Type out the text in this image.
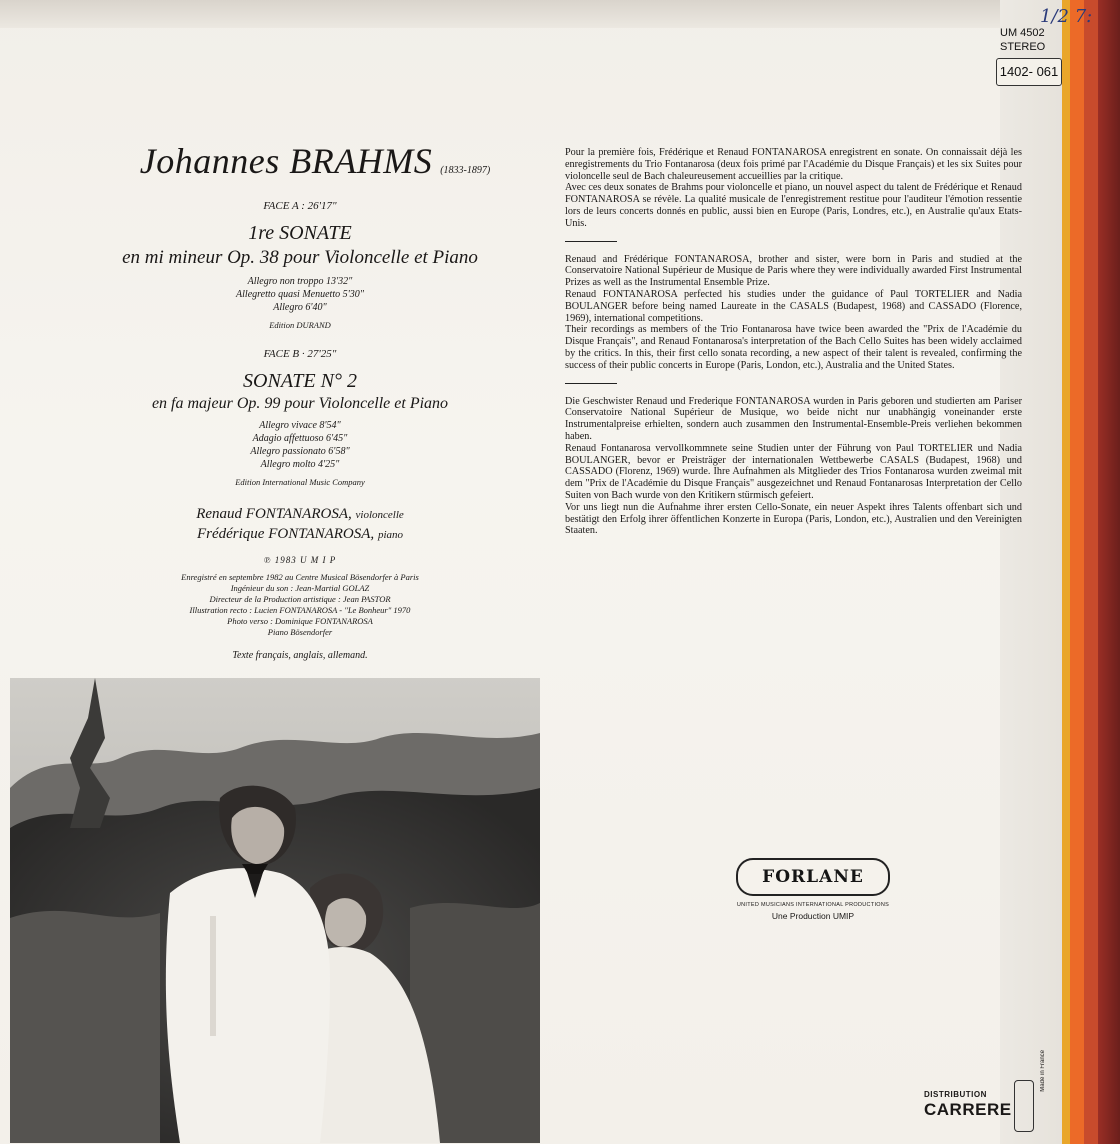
1/2 7:
UM 4502
STEREO
1402- 061
Johannes BRAHMS (1833-1897)
FACE A : 26'17"
1re SONATE
en mi mineur Op. 38 pour Violoncelle et Piano
Allegro non troppo 13'32"
Allegretto quasi Menuetto 5'30"
Allegro 6'40"
Edition DURAND
FACE B · 27'25"
SONATE N° 2
en fa majeur Op. 99 pour Violoncelle et Piano
Allegro vivace 8'54"
Adagio affettuoso 6'45"
Allegro passionato 6'58"
Allegro molto 4'25"
Edition International Music Company
Renaud FONTANAROSA, violoncelle
Frédérique FONTANAROSA, piano
℗ 1983 U M I P
Enregistré en septembre 1982 au Centre Musical Bösendorfer à Paris
Ingénieur du son : Jean-Martial GOLAZ
Directeur de la Production artistique : Jean PASTOR
Illustration recto : Lucien FONTANAROSA - "Le Bonheur" 1970
Photo verso : Dominique FONTANAROSA
Piano Bösendorfer
Texte français, anglais, allemand.

Pour la première fois, Frédérique et Renaud FONTANAROSA enregistrent en sonate. On connaissait déjà les enregistrements du Trio Fontanarosa (deux fois primé par l'Académie du Disque Français) et les six Suites pour violoncelle seul de Bach chaleureusement accueillies par la critique.

Avec ces deux sonates de Brahms pour violoncelle et piano, un nouvel aspect du talent de Frédérique et Renaud FONTANAROSA se révèle. La qualité musicale de l'enregistrement restitue pour l'auditeur l'émotion ressentie lors de leurs concerts donnés en public, aussi bien en Europe (Paris, Londres, etc.), en Australie qu'aux Etats-Unis.

Renaud and Frédérique FONTANAROSA, brother and sister, were born in Paris and studied at the Conservatoire National Supérieur de Musique de Paris where they were individually awarded First Instrumental Prizes as well as the Instrumental Ensemble Prize.

Renaud FONTANAROSA perfected his studies under the guidance of Paul TORTELIER and Nadia BOULANGER before being named Laureate in the CASALS (Budapest, 1968) and CASSADO (Florence, 1969), international competitions.

Their recordings as members of the Trio Fontanarosa have twice been awarded the "Prix de l'Académie du Disque Français", and Renaud Fontanarosa's interpretation of the Bach Cello Suites has been widely acclaimed by the critics. In this, their first cello sonata recording, a new aspect of their talent is revealed, confirming the success of their public concerts in Europe (Paris, London, etc.), Australia and the United States.

Die Geschwister Renaud und Frederique FONTANAROSA wurden in Paris geboren und studierten am Pariser Conservatoire National Supérieur de Musique, wo beide nicht nur unabhängig voneinander erste Instrumentalpreise erhielten, sondern auch zusammen den Instrumental-Ensemble-Preis verliehen bekommen haben.

Renaud Fontanarosa vervollkommnete seine Studien unter der Führung von Paul TORTELIER und Nadia BOULANGER, bevor er Preisträger der internationalen Wettbewerbe CASALS (Budapest, 1968) und CASSADO (Florenz, 1969) wurde. Ihre Aufnahmen als Mitglieder des Trios Fontanarosa wurden zweimal mit dem "Prix de l'Académie du Disque Français" ausgezeichnet und Renaud Fontanarosas Interpretation der Cello Suiten von Bach wurde von den Kritikern stürmisch gefeiert.

Vor uns liegt nun die Aufnahme ihrer ersten Cello-Sonate, ein neuer Aspekt ihres Talents offenbart sich und bestätigt den Erfolg ihrer öffentlichen Konzerte in Europa (Paris, London, etc.), Australien und den Vereinigten Staaten.

FORLANE
UNITED MUSICIANS INTERNATIONAL PRODUCTIONS
Une Production UMIP
Made in France
DISTRIBUTION
CARRERE
